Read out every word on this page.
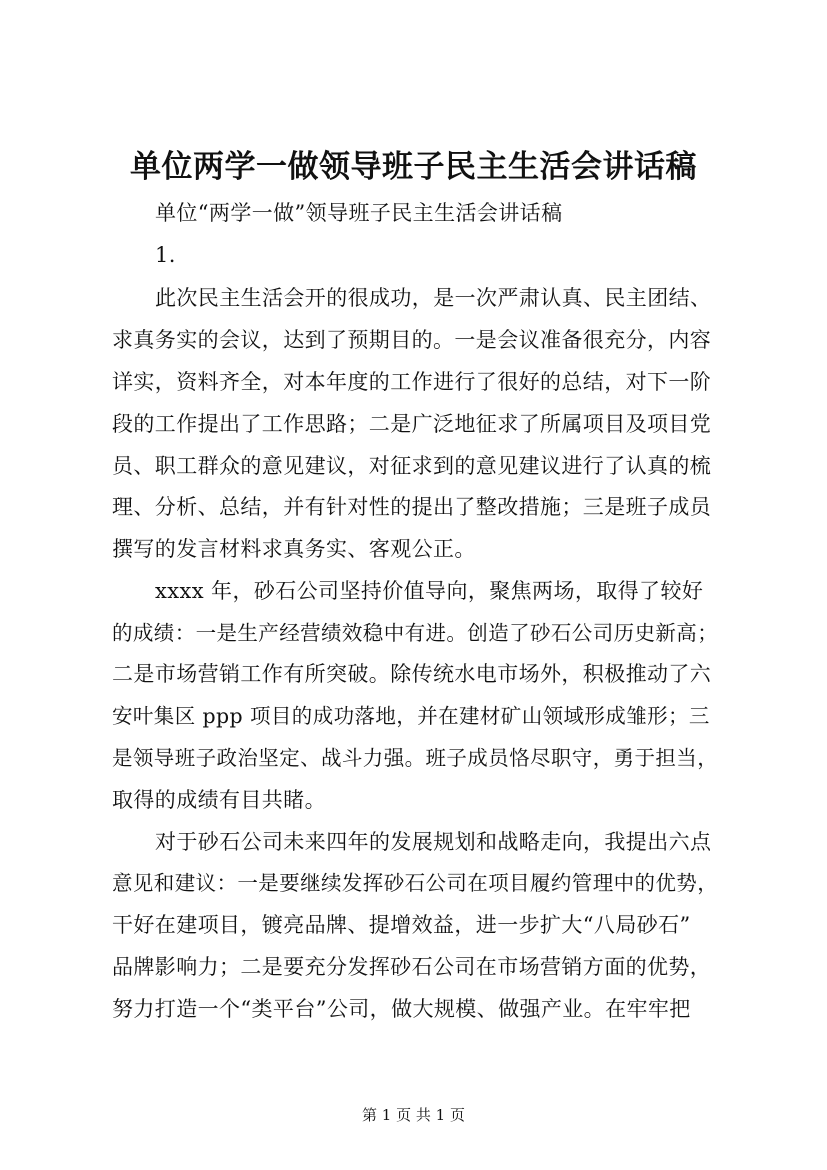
单位两学一做领导班子民主生活会讲话稿
单位“两学一做”领导班子民主生活会讲话稿
1.
此次民主生活会开的很成功，是一次严肃认真、民主团结、
求真务实的会议，达到了预期目的。一是会议准备很充分，内容
详实，资料齐全，对本年度的工作进行了很好的总结，对下一阶
段的工作提出了工作思路；二是广泛地征求了所属项目及项目党
员、职工群众的意见建议，对征求到的意见建议进行了认真的梳
理、分析、总结，并有针对性的提出了整改措施；三是班子成员
撰写的发言材料求真务实、客观公正。
xxxx 年，砂石公司坚持价值导向，聚焦两场，取得了较好
的成绩：一是生产经营绩效稳中有进。创造了砂石公司历史新高；
二是市场营销工作有所突破。除传统水电市场外，积极推动了六
安叶集区 ppp 项目的成功落地，并在建材矿山领域形成雏形；三
是领导班子政治坚定、战斗力强。班子成员恪尽职守，勇于担当，
取得的成绩有目共睹。
对于砂石公司未来四年的发展规划和战略走向，我提出六点
意见和建议：一是要继续发挥砂石公司在项目履约管理中的优势，
干好在建项目，镀亮品牌、提增效益，进一步扩大“八局砂石”
品牌影响力；二是要充分发挥砂石公司在市场营销方面的优势，
努力打造一个“类平台”公司，做大规模、做强产业。在牢牢把
第 1 页 共 1 页
